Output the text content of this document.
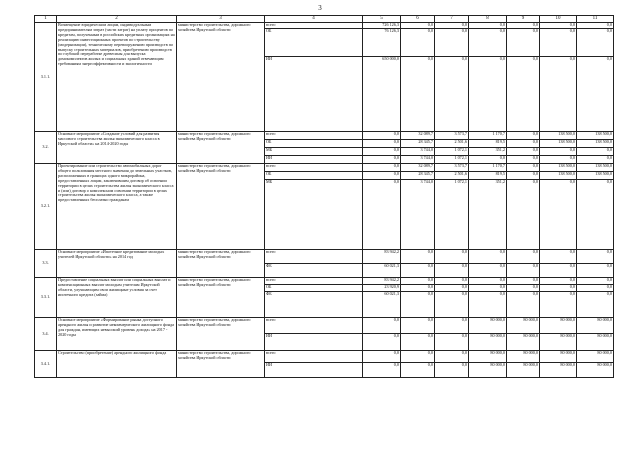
3
1	2	3	4	5	6	7	8	9	10	11
3.1.1.	Возмещение юридическим лицам, индивидуальным предпринимателям затрат (части затрат) на уплату процентов по кредитам, полученным в российских кредитных организациях на реализацию инвестиционных проектов по строительству (модернизации), техническому перевооружению производств по выпуску строительных материалов, приобретению производств по глубокой переработке древесины для выпуска домокомплектов жилых и социальных зданий отвечающим требованиям энергоэффективности и экологичности	министерство строительства, дорожного хозяйства Иркутской области	всего	726 126,3	0,0	0,0	0,0	0,0	0,0	0,0
			ОБ	76 126,3	0,0	0,0	0,0	0,0	0,0	0,0
			ИИ	650 000,0	0,0	0,0	0,0	0,0	0,0	0,0
3.2.	Основное мероприятие «Создание условий для развития массового строительства жилья экономического класса в Иркутской области» на 2014-2020 годы	министерство строительства, дорожного хозяйства Иркутской области	всего	0,0	32 089,7	3 573,7	1 170,7	0,0	138 500,0	138 500,0
			ОБ	0,0	28 345,7	2 501,6	819,5	0,0	138 500,0	138 500,0
			МБ	0,0	3 744,0	1 072,1	351,2	0,0	0,0	0,0
			ИИ	0,0	3 744,0	1 072,1	0,0	0,0	0,0	0,0
3.2.1.	Проектирование или строительство автомобильных дорог общего пользования местного значения до земельных участков, расположенных в границах одного микрорайона, предоставленных лицам, заключившим договор об освоении территории в целях строительства жилья экономического класса и (или) договор о комплексном освоении территории в целях строительства жилья экономического класса, а также предоставленных бесплатно гражданам	министерство строительства, дорожного хозяйства Иркутской области	всего	0,0	32 089,7	3 573,7	1 170,7	0,0	138 500,0	138 500,0
			ОБ	0,0	28 345,7	2 501,6	819,5	0,0	138 500,0	138 500,0
			МБ	0,0	3 744,0	1 072,1	351,2	0,0	0,0	0,0
3.3.	Основное мероприятие «Ипотечное кредитование молодых учителей Иркутской области» на 2014 год	министерство строительства, дорожного хозяйства Иркутской области	всего	83 942,2	0,0	0,0	0,0	0,0	0,0	0,0
			ФБ	60 021,3	0,0	0,0	0,0	0,0	0,0	0,0
3.3.1.	Предоставление социальных выплат или социальных выплат и компенсационных выплат молодым учителям Иркутской области, улучшающим свои жилищные условия за счет ипотечного кредита (займа)	министерство строительства, дорожного хозяйства Иркутской области	всего	83 942,2	0,0	0,0	0,0	0,0	0,0	0,0
			ОБ	23 920,9	0,0	0,0	0,0	0,0	0,0	0,0
			ФБ	60 021,3	0,0	0,0	0,0	0,0	0,0	0,0
3.4.	Основное мероприятие «Формирование рынка доступного арендного жилья и развитие некоммерческого жилищного фонда для граждан, имеющих невысокий уровень дохода» на 2017 - 2020 годы	министерство строительства, дорожного хозяйства Иркутской области	всего	0,0	0,0	0,0	80 000,0	80 000,0	80 000,0	80 000,0
			ИИ	0,0	0,0	0,0	80 000,0	80 000,0	80 000,0	80 000,0
3.4.1.	Строительство (приобретение) арендного жилищного фонда	министерство строительства, дорожного хозяйства Иркутской области	всего	0,0	0,0	0,0	80 000,0	80 000,0	80 000,0	80 000,0
			ИИ	0,0	0,0	0,0	80 000,0	80 000,0	80 000,0	80 000,0
